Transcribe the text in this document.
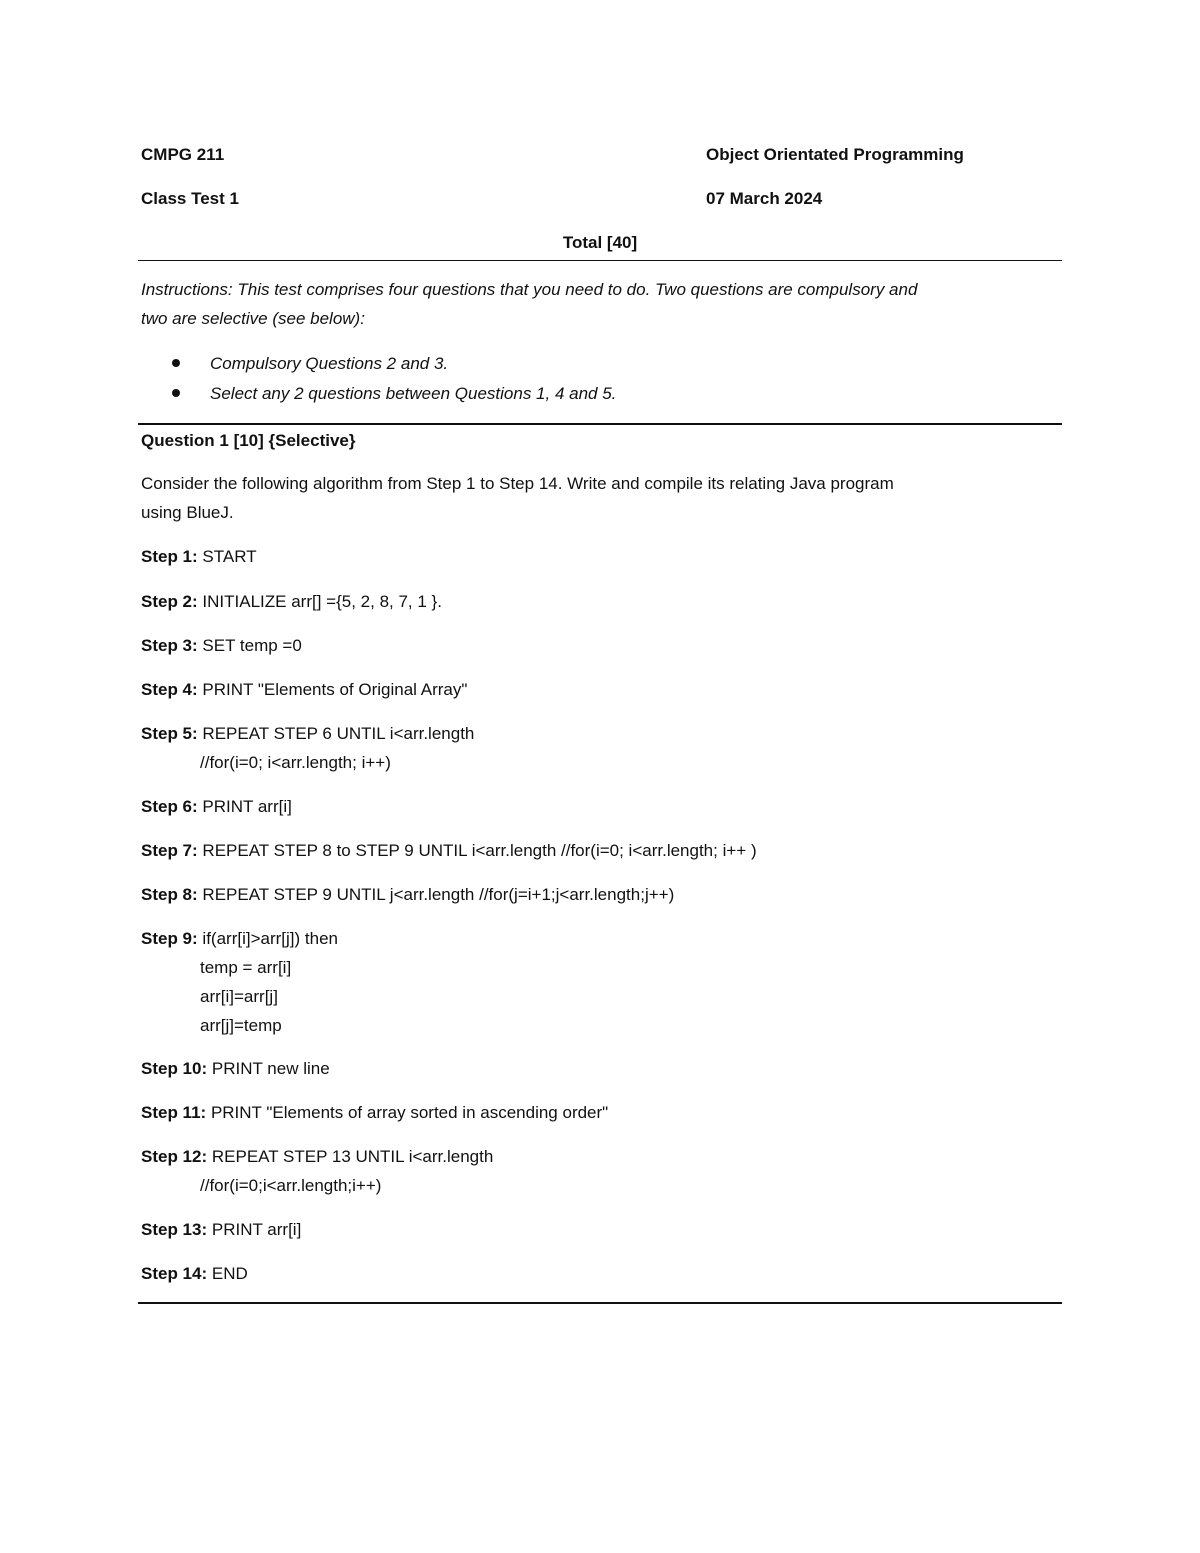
CMPG 211	Object Orientated Programming
Class Test 1	07 March 2024
Total [40]
Instructions: This test comprises four questions that you need to do. Two questions are compulsory and
two are selective (see below):
Compulsory Questions 2 and 3.
Select any 2 questions between Questions 1, 4 and 5.
Question 1 [10] {Selective}
Consider the following algorithm from Step 1 to Step 14. Write and compile its relating Java program
using BlueJ.
Step 1: START
Step 2: INITIALIZE arr[] ={5, 2, 8, 7, 1 }.
Step 3: SET temp =0
Step 4: PRINT "Elements of Original Array"
Step 5: REPEAT STEP 6 UNTIL i<arr.length
//for(i=0; i<arr.length; i++)
Step 6: PRINT arr[i]
Step 7: REPEAT STEP 8 to STEP 9 UNTIL i<arr.length //for(i=0; i<arr.length; i++ )
Step 8: REPEAT STEP 9 UNTIL j<arr.length //for(j=i+1;j<arr.length;j++)
Step 9: if(arr[i]>arr[j]) then
temp = arr[i]
arr[i]=arr[j]
arr[j]=temp
Step 10: PRINT new line
Step 11: PRINT "Elements of array sorted in ascending order"
Step 12: REPEAT STEP 13 UNTIL i<arr.length
//for(i=0;i<arr.length;i++)
Step 13: PRINT arr[i]
Step 14: END
